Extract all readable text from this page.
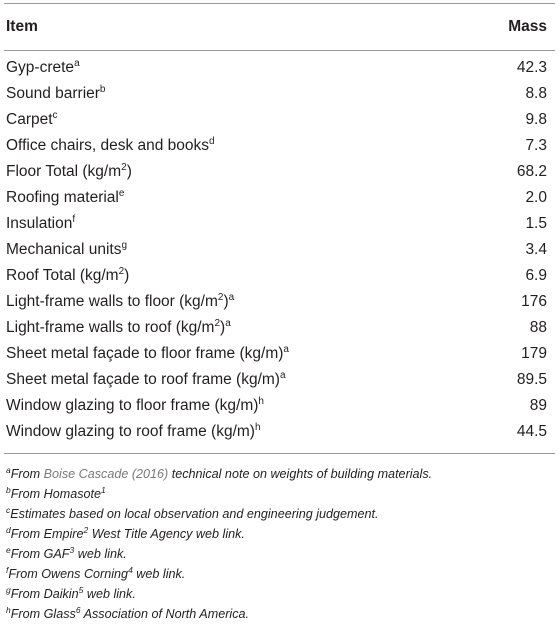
Item	Mass
Gyp-crete$^a$	42.3
Sound barrier$^b$	8.8
Carpet$^c$	9.8
Office chairs, desk and books$^d$	7.3
Floor Total $(kg/m^2)$	68.2
Roofing material$^e$	2.0
Insulation$^f$	1.5
Mechanical units$^g$	3.4
Roof Total $(kg/m^2)$	6.9
Light-frame walls to floor $(kg/m^2)^a$	176
Light-frame walls to roof $(kg/m^2)^a$	88
Sheet metal façade to floor frame $(kg/m)^a$	179
Sheet metal façade to roof frame $(kg/m)^a$	89.5
Window glazing to floor frame $(kg/m)^h$	89
Window glazing to roof frame $(kg/m)^h$	44.5
$^a$From Boise Cascade (2016) technical note on weights of building materials.
$^b$From Homasote$^1$
$^c$Estimates based on local observation and engineering judgement.
$^d$From Empire$^2$ West Title Agency web link.
$^e$From GAF$^3$ web link.
$^f$From Owens Corning$^4$ web link.
$^g$From Daikin$^5$ web link.
$^h$From Glass$^6$ Association of North America.
